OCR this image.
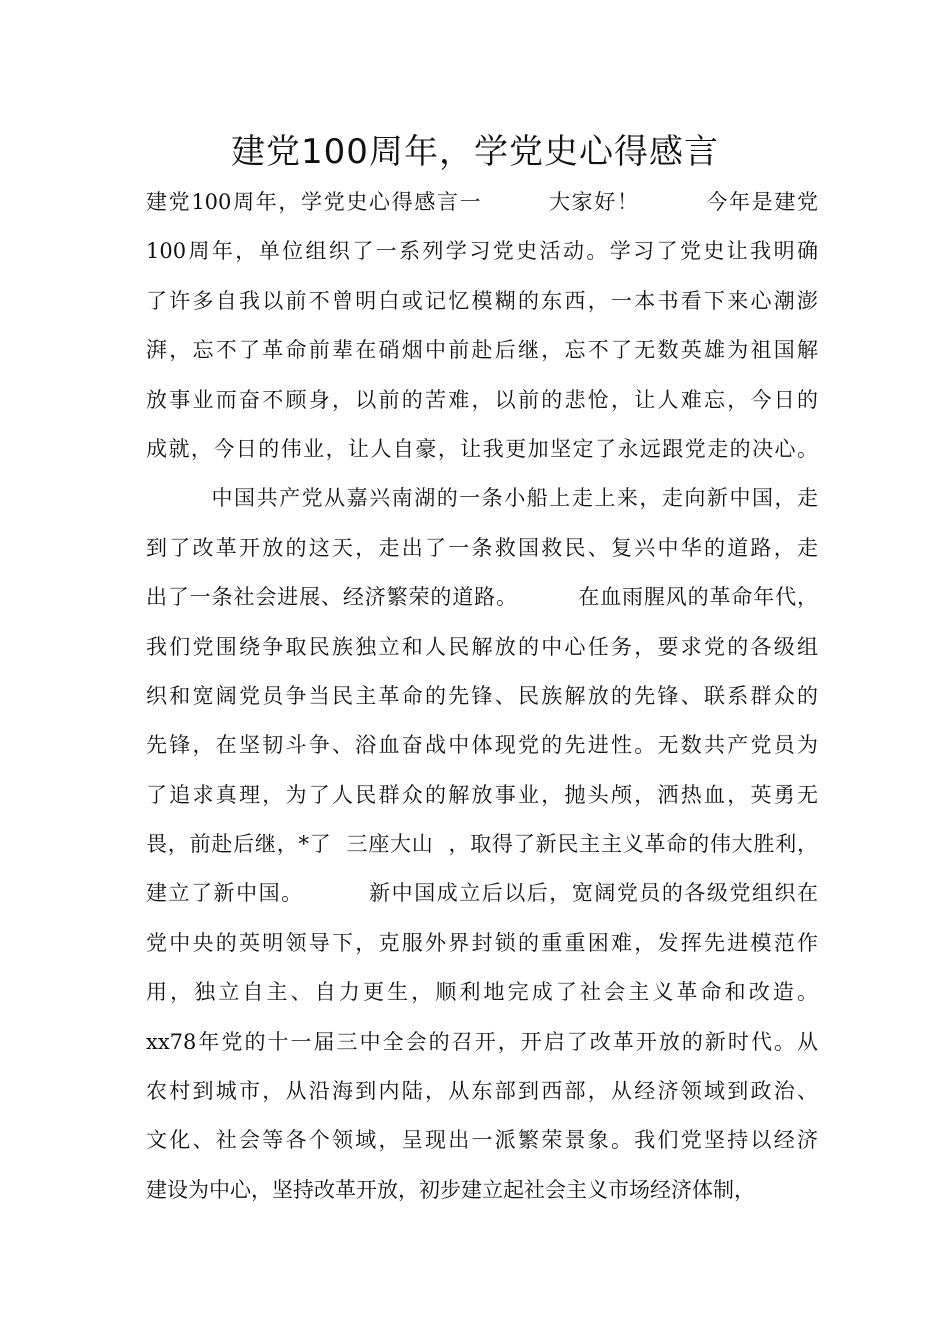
建党100周年，学党史心得感言
建党100周年，学党史心得感言一        大家好！        今年是建党
100周年，单位组织了一系列学习党史活动。学习了党史让我明确
了许多自我以前不曾明白或记忆模糊的东西，一本书看下来心潮澎
湃，忘不了革命前辈在硝烟中前赴后继，忘不了无数英雄为祖国解
放事业而奋不顾身，以前的苦难，以前的悲怆，让人难忘，今日的
成就，今日的伟业，让人自豪，让我更加坚定了永远跟党走的决心。
中国共产党从嘉兴南湖的一条小船上走上来，走向新中国，走
到了改革开放的这天，走出了一条救国救民、复兴中华的道路，走
出了一条社会进展、经济繁荣的道路。        在血雨腥风的革命年代，
我们党围绕争取民族独立和人民解放的中心任务，要求党的各级组
织和宽阔党员争当民主革命的先锋、民族解放的先锋、联系群众的
先锋，在坚韧斗争、浴血奋战中体现党的先进性。无数共产党员为
了追求真理，为了人民群众的解放事业，抛头颅，洒热血，英勇无
畏，前赴后继，*了  三座大山  ，取得了新民主主义革命的伟大胜利，
建立了新中国。        新中国成立后以后，宽阔党员的各级党组织在
党中央的英明领导下，克服外界封锁的重重困难，发挥先进模范作
用，独立自主、自力更生，顺利地完成了社会主义革命和改造。
xx78年党的十一届三中全会的召开，开启了改革开放的新时代。从
农村到城市，从沿海到内陆，从东部到西部，从经济领域到政治、
文化、社会等各个领域，呈现出一派繁荣景象。我们党坚持以经济
建设为中心，坚持改革开放，初步建立起社会主义市场经济体制，
